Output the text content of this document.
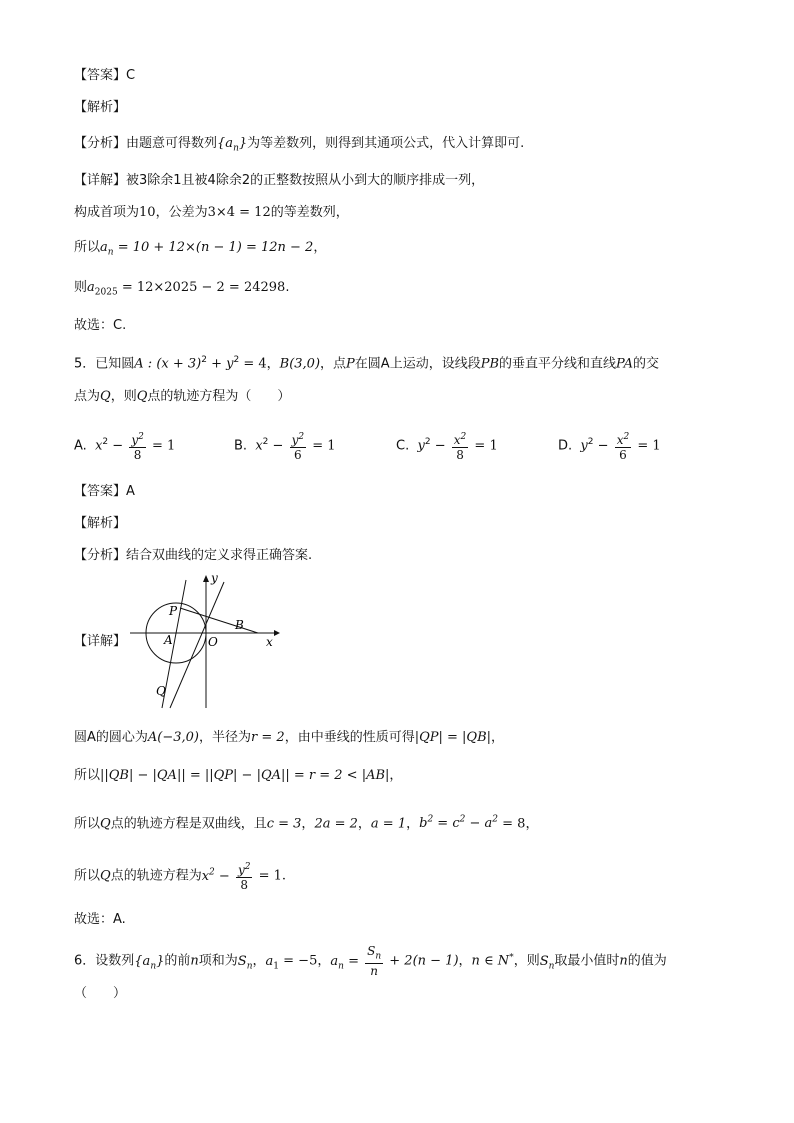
【答案】C
【解析】
【分析】由题意可得数列$\{a_n\}$为等差数列，则得到其通项公式，代入计算即可.
【详解】被3除余1且被4除余2的正整数按照从小到大的顺序排成一列，
构成首项为10，公差为3×4 = 12的等差数列，
所以$a_n = 10 + 12\times(n - 1) = 12n - 2$，
则$a_{2025} = 12\times 2025 - 2 = 24298$.
故选：C.
5．已知圆A : $(x + 3)^2 + y^2 = 4$，B(3,0)，点P在圆A上运动，设线段PB的垂直平分线和直线PA的交
点为Q，则Q点的轨迹方程为（　　）
A. $x^2 - \frac{y^2}{8} = 1$	B. $x^2 - \frac{y^2}{6} = 1$	C. $y^2 - \frac{x^2}{8} = 1$	D. $y^2 - \frac{x^2}{6} = 1$
【答案】A
【解析】
【分析】结合双曲线的定义求得正确答案.
【详解】
y
x
P
A	O
B
Q
圆A的圆心为A(−3,0)，半径为r = 2，由中垂线的性质可得|QP| = |QB|，
所以||QB| − |QA|| = ||QP| − |QA|| = r = 2 < |AB|，
所以Q点的轨迹方程是双曲线，且c = 3，2a = 2，a = 1，$b^2 = c^2 - a^2 = 8$，
所以Q点的轨迹方程为$x^2 - \frac{y^2}{8} = 1$.
故选：A.
6．设数列$\{a_n\}$的前n项和为$S_n$，$a_1 = -5$，$a_n = \frac{S_n}{n} + 2(n - 1)$，n ∈ N*，则$S_n$取最小值时n的值为
（　　）
